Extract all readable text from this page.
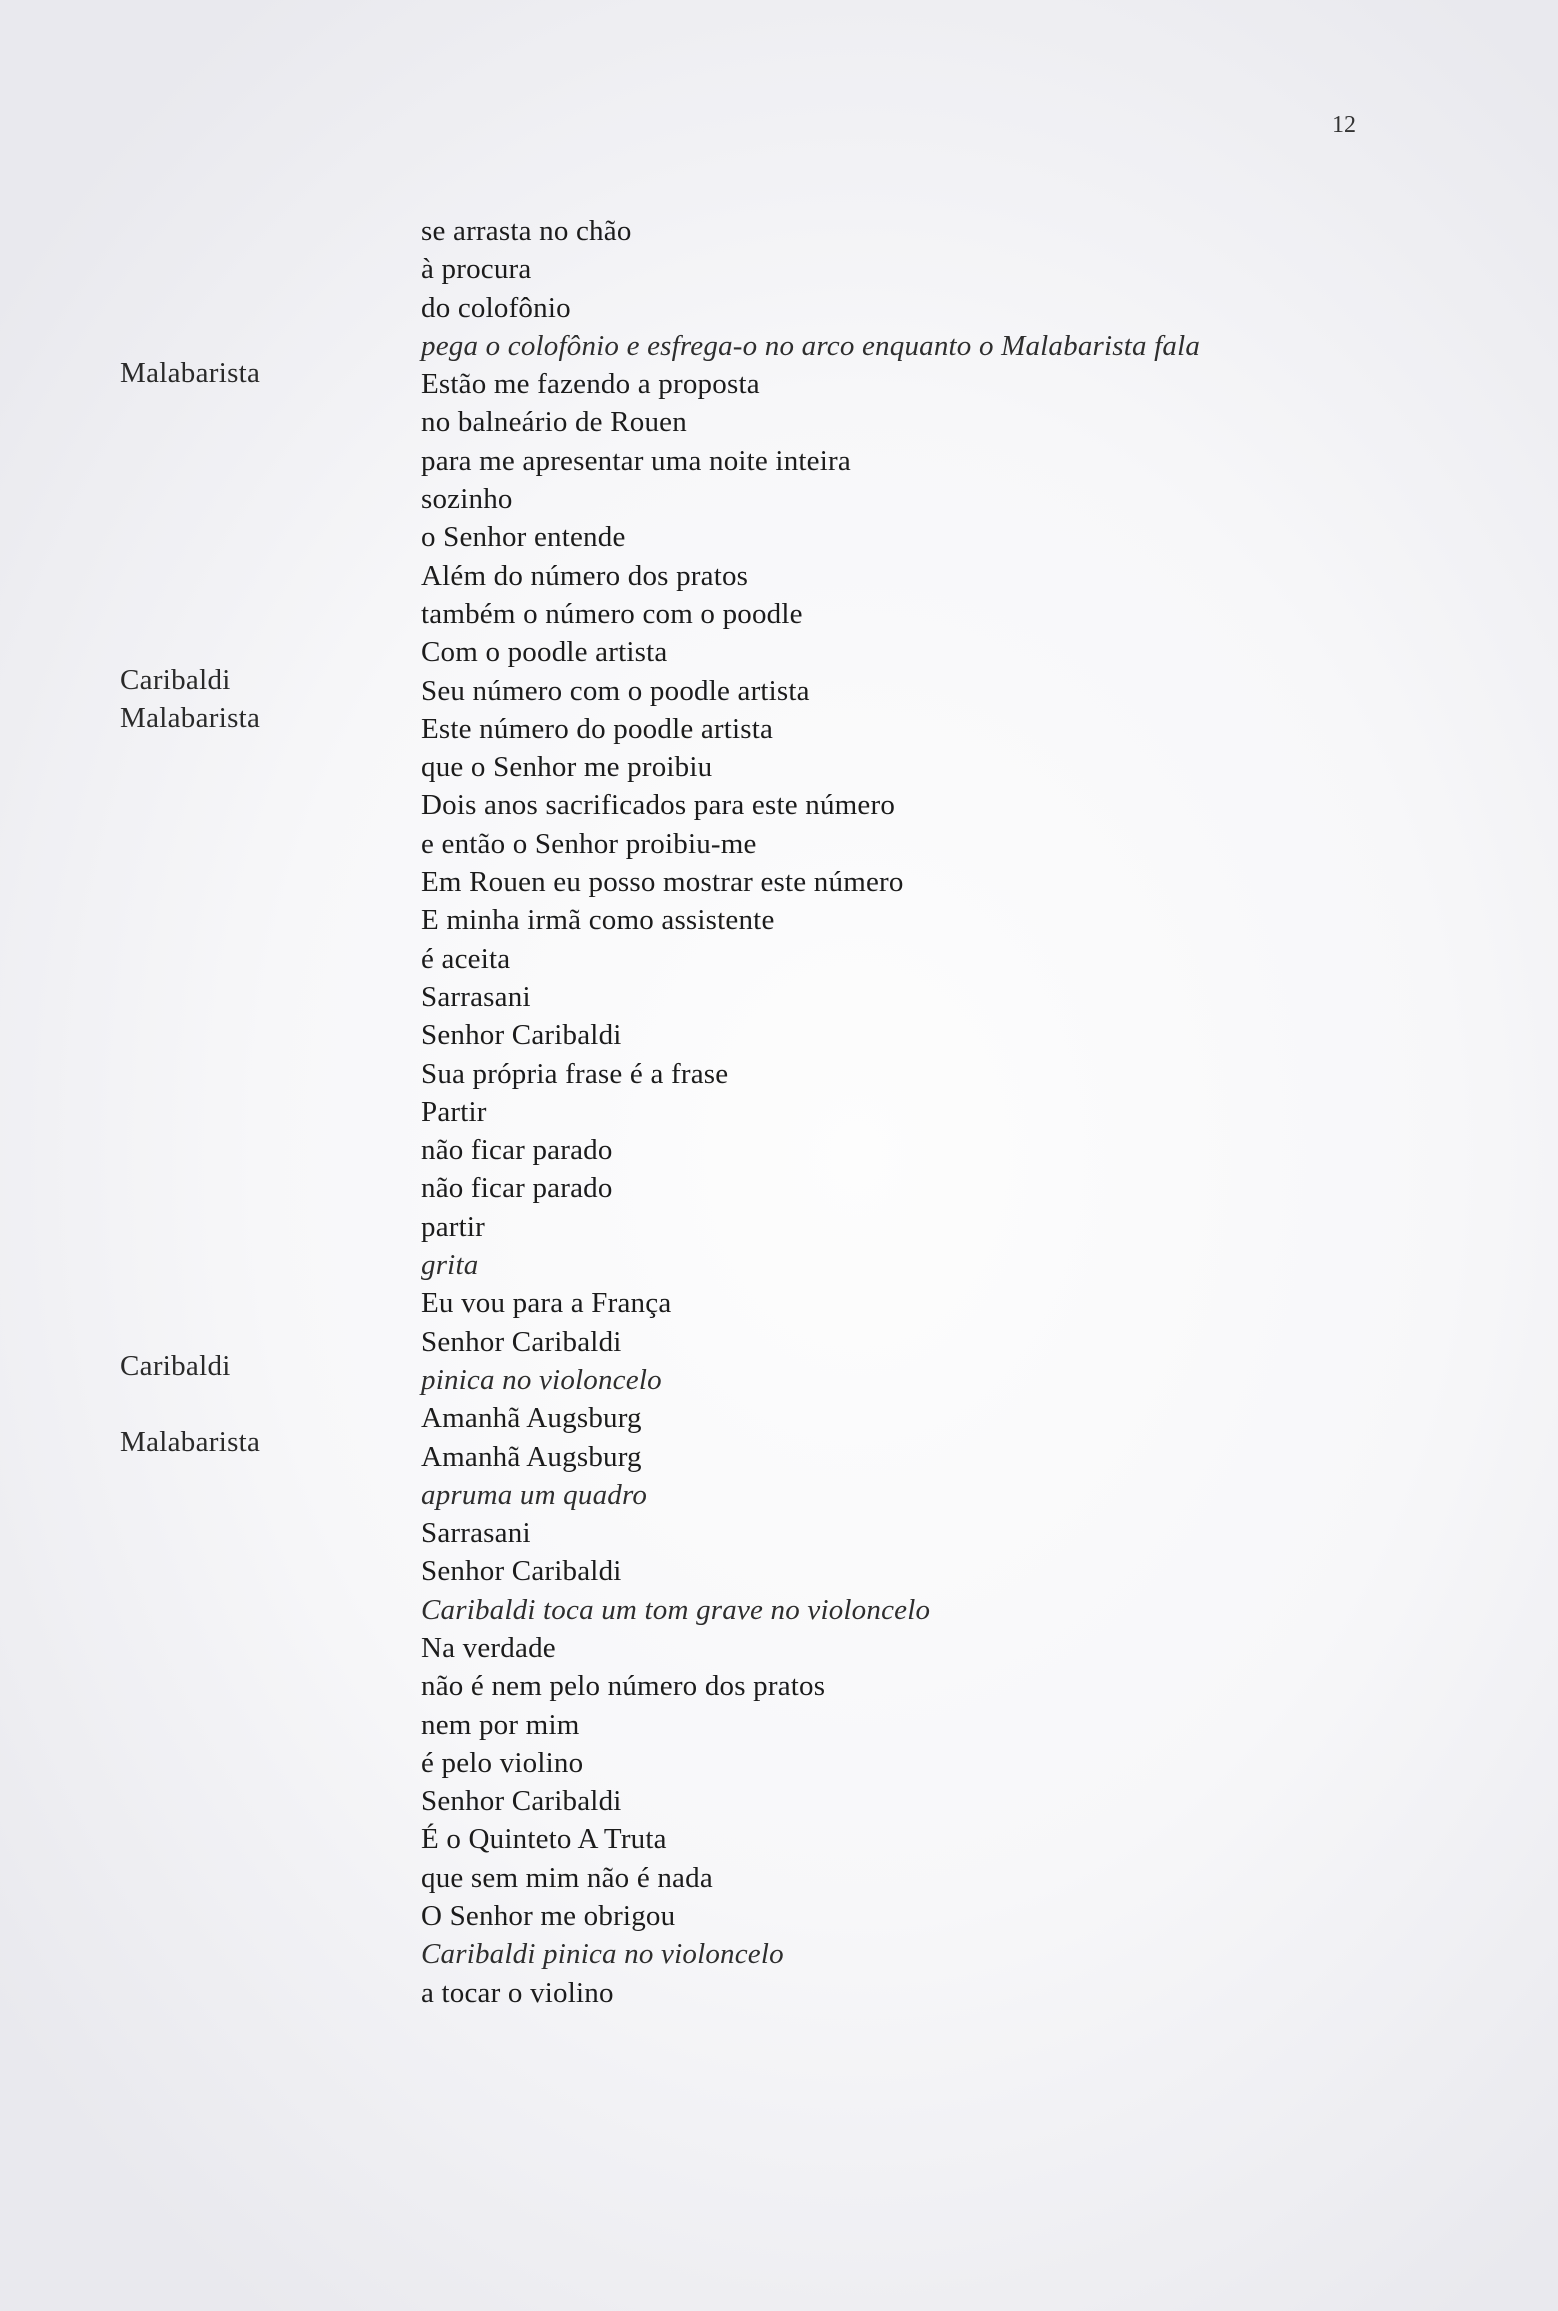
12
Malabarista
Caribaldi
Malabarista
Caribaldi
Malabarista
se arrasta no chão
à procura
do colofônio
pega o colofônio e esfrega-o no arco enquanto o Malabarista fala
Estão me fazendo a proposta
no balneário de Rouen
para me apresentar uma noite inteira
sozinho
o Senhor entende
Além do número dos pratos
também o número com o poodle
Com o poodle artista
Seu número com o poodle artista
Este número do poodle artista
que o Senhor me proibiu
Dois anos sacrificados para este número
e então o Senhor proibiu-me
Em Rouen eu posso mostrar este número
E minha irmã como assistente
é aceita
Sarrasani
Senhor Caribaldi
Sua própria frase é a frase
Partir
não ficar parado
não ficar parado
partir
grita
Eu vou para a França
Senhor Caribaldi
pinica no violoncelo
Amanhã Augsburg
Amanhã Augsburg
apruma um quadro
Sarrasani
Senhor Caribaldi
Caribaldi toca um tom grave no violoncelo
Na verdade
não é nem pelo número dos pratos
nem por mim
é pelo violino
Senhor Caribaldi
É o Quinteto A Truta
que sem mim não é nada
O Senhor me obrigou
Caribaldi pinica no violoncelo
a tocar o violino
